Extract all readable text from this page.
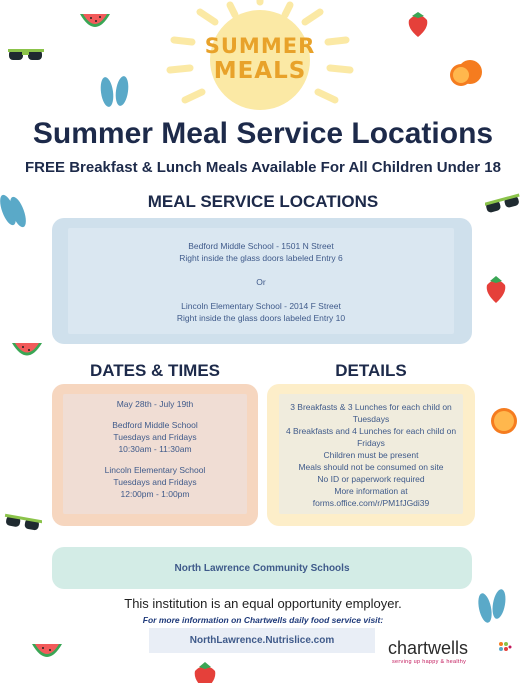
SUMMER
MEALS
Summer Meal Service Locations
FREE Breakfast & Lunch Meals Available For All Children Under 18
MEAL SERVICE LOCATIONS
Bedford Middle School - 1501 N Street
Right inside the glass doors labeled Entry 6
Or
Lincoln Elementary School - 2014 F Street
Right inside the glass doors labeled Entry 10
DATES & TIMES
May 28th - July 19th
Bedford Middle School
Tuesdays and Fridays
10:30am - 11:30am
Lincoln Elementary School
Tuesdays and Fridays
12:00pm - 1:00pm
DETAILS
3 Breakfasts & 3 Lunches for each child on
Tuesdays
4 Breakfasts and 4 Lunches for each child on
Fridays
Children must be present
Meals should not be consumed on site
No ID or paperwork required
More information at
forms.office.com/r/PM1fJGdi39
North Lawrence Community Schools
This institution is an equal opportunity employer.
For more information on Chartwells daily food service visit:
NorthLawrence.Nutrislice.com	chartwells
serving up happy & healthy
